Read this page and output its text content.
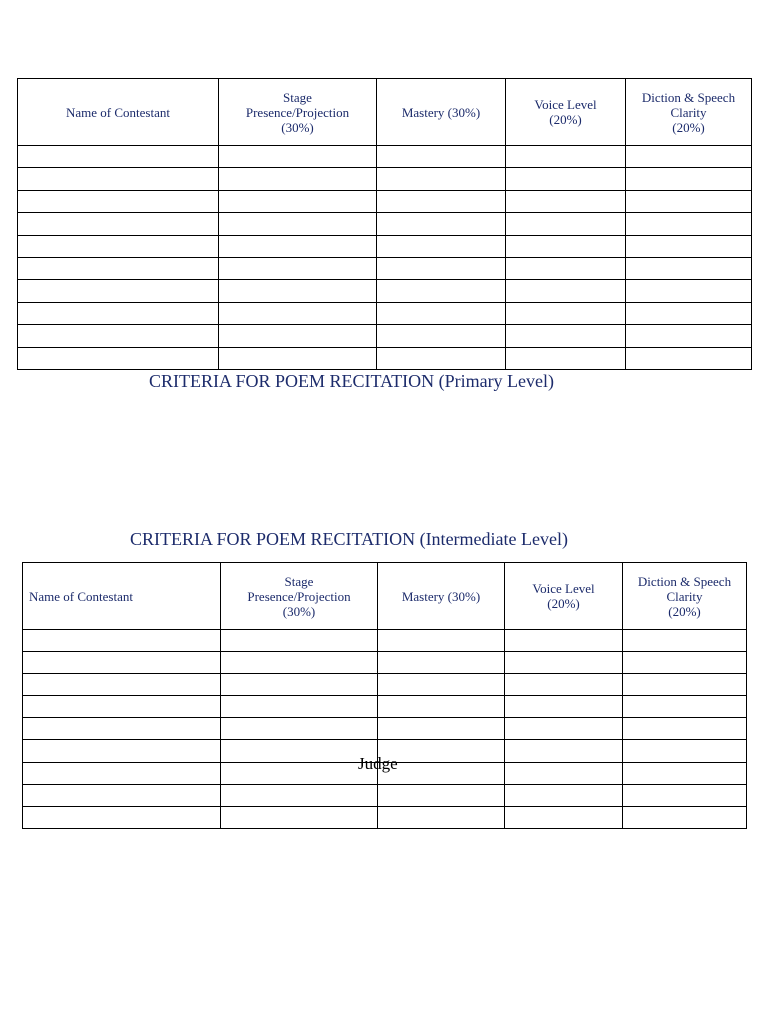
Name of Contestant	Stage
Presence/Projection
(30%)	Mastery (30%)	Voice Level
(20%)	Diction & Speech
Clarity
(20%)

CRITERIA FOR POEM RECITATION (Primary Level)
CRITERIA FOR POEM RECITATION (Intermediate Level)
Name of Contestant	Stage
Presence/Projection
(30%)	Mastery (30%)	Voice Level
(20%)	Diction & Speech
Clarity
(20%)

Judge
